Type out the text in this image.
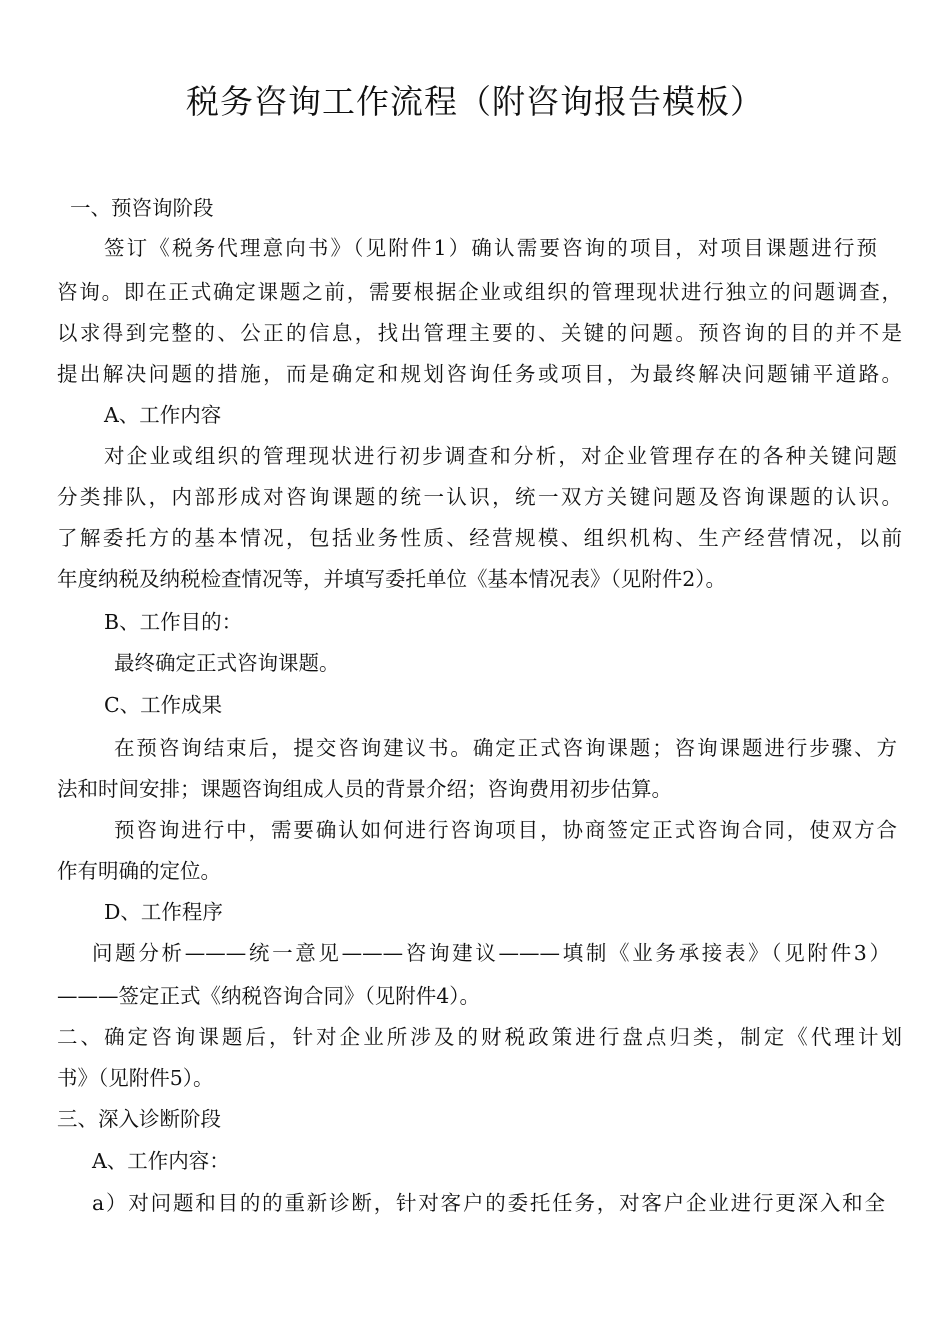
税务咨询工作流程（附咨询报告模板）

一、预咨询阶段

签订《税务代理意向书》（见附件1）确认需要咨询的项目，对项目课题进行预

咨询。即在正式确定课题之前，需要根据企业或组织的管理现状进行独立的问题调查，

以求得到完整的、公正的信息，找出管理主要的、关键的问题。预咨询的目的并不是

提出解决问题的措施，而是确定和规划咨询任务或项目，为最终解决问题铺平道路。

A、工作内容

对企业或组织的管理现状进行初步调查和分析，对企业管理存在的各种关键问题

分类排队，内部形成对咨询课题的统一认识，统一双方关键问题及咨询课题的认识。

了解委托方的基本情况，包括业务性质、经营规模、组织机构、生产经营情况，以前

年度纳税及纳税检查情况等，并填写委托单位《基本情况表》（见附件2）。

B、工作目的：

最终确定正式咨询课题。

C、工作成果

在预咨询结束后，提交咨询建议书。确定正式咨询课题；咨询课题进行步骤、方

法和时间安排；课题咨询组成人员的背景介绍；咨询费用初步估算。

预咨询进行中，需要确认如何进行咨询项目，协商签定正式咨询合同，使双方合

作有明确的定位。

D、工作程序

问题分析———统一意见———咨询建议———填制《业务承接表》（见附件3）

———签定正式《纳税咨询合同》（见附件4）。

二、确定咨询课题后，针对企业所涉及的财税政策进行盘点归类，制定《代理计划

书》（见附件5）。

三、深入诊断阶段

A、工作内容：

a）对问题和目的的重新诊断，针对客户的委托任务，对客户企业进行更深入和全
